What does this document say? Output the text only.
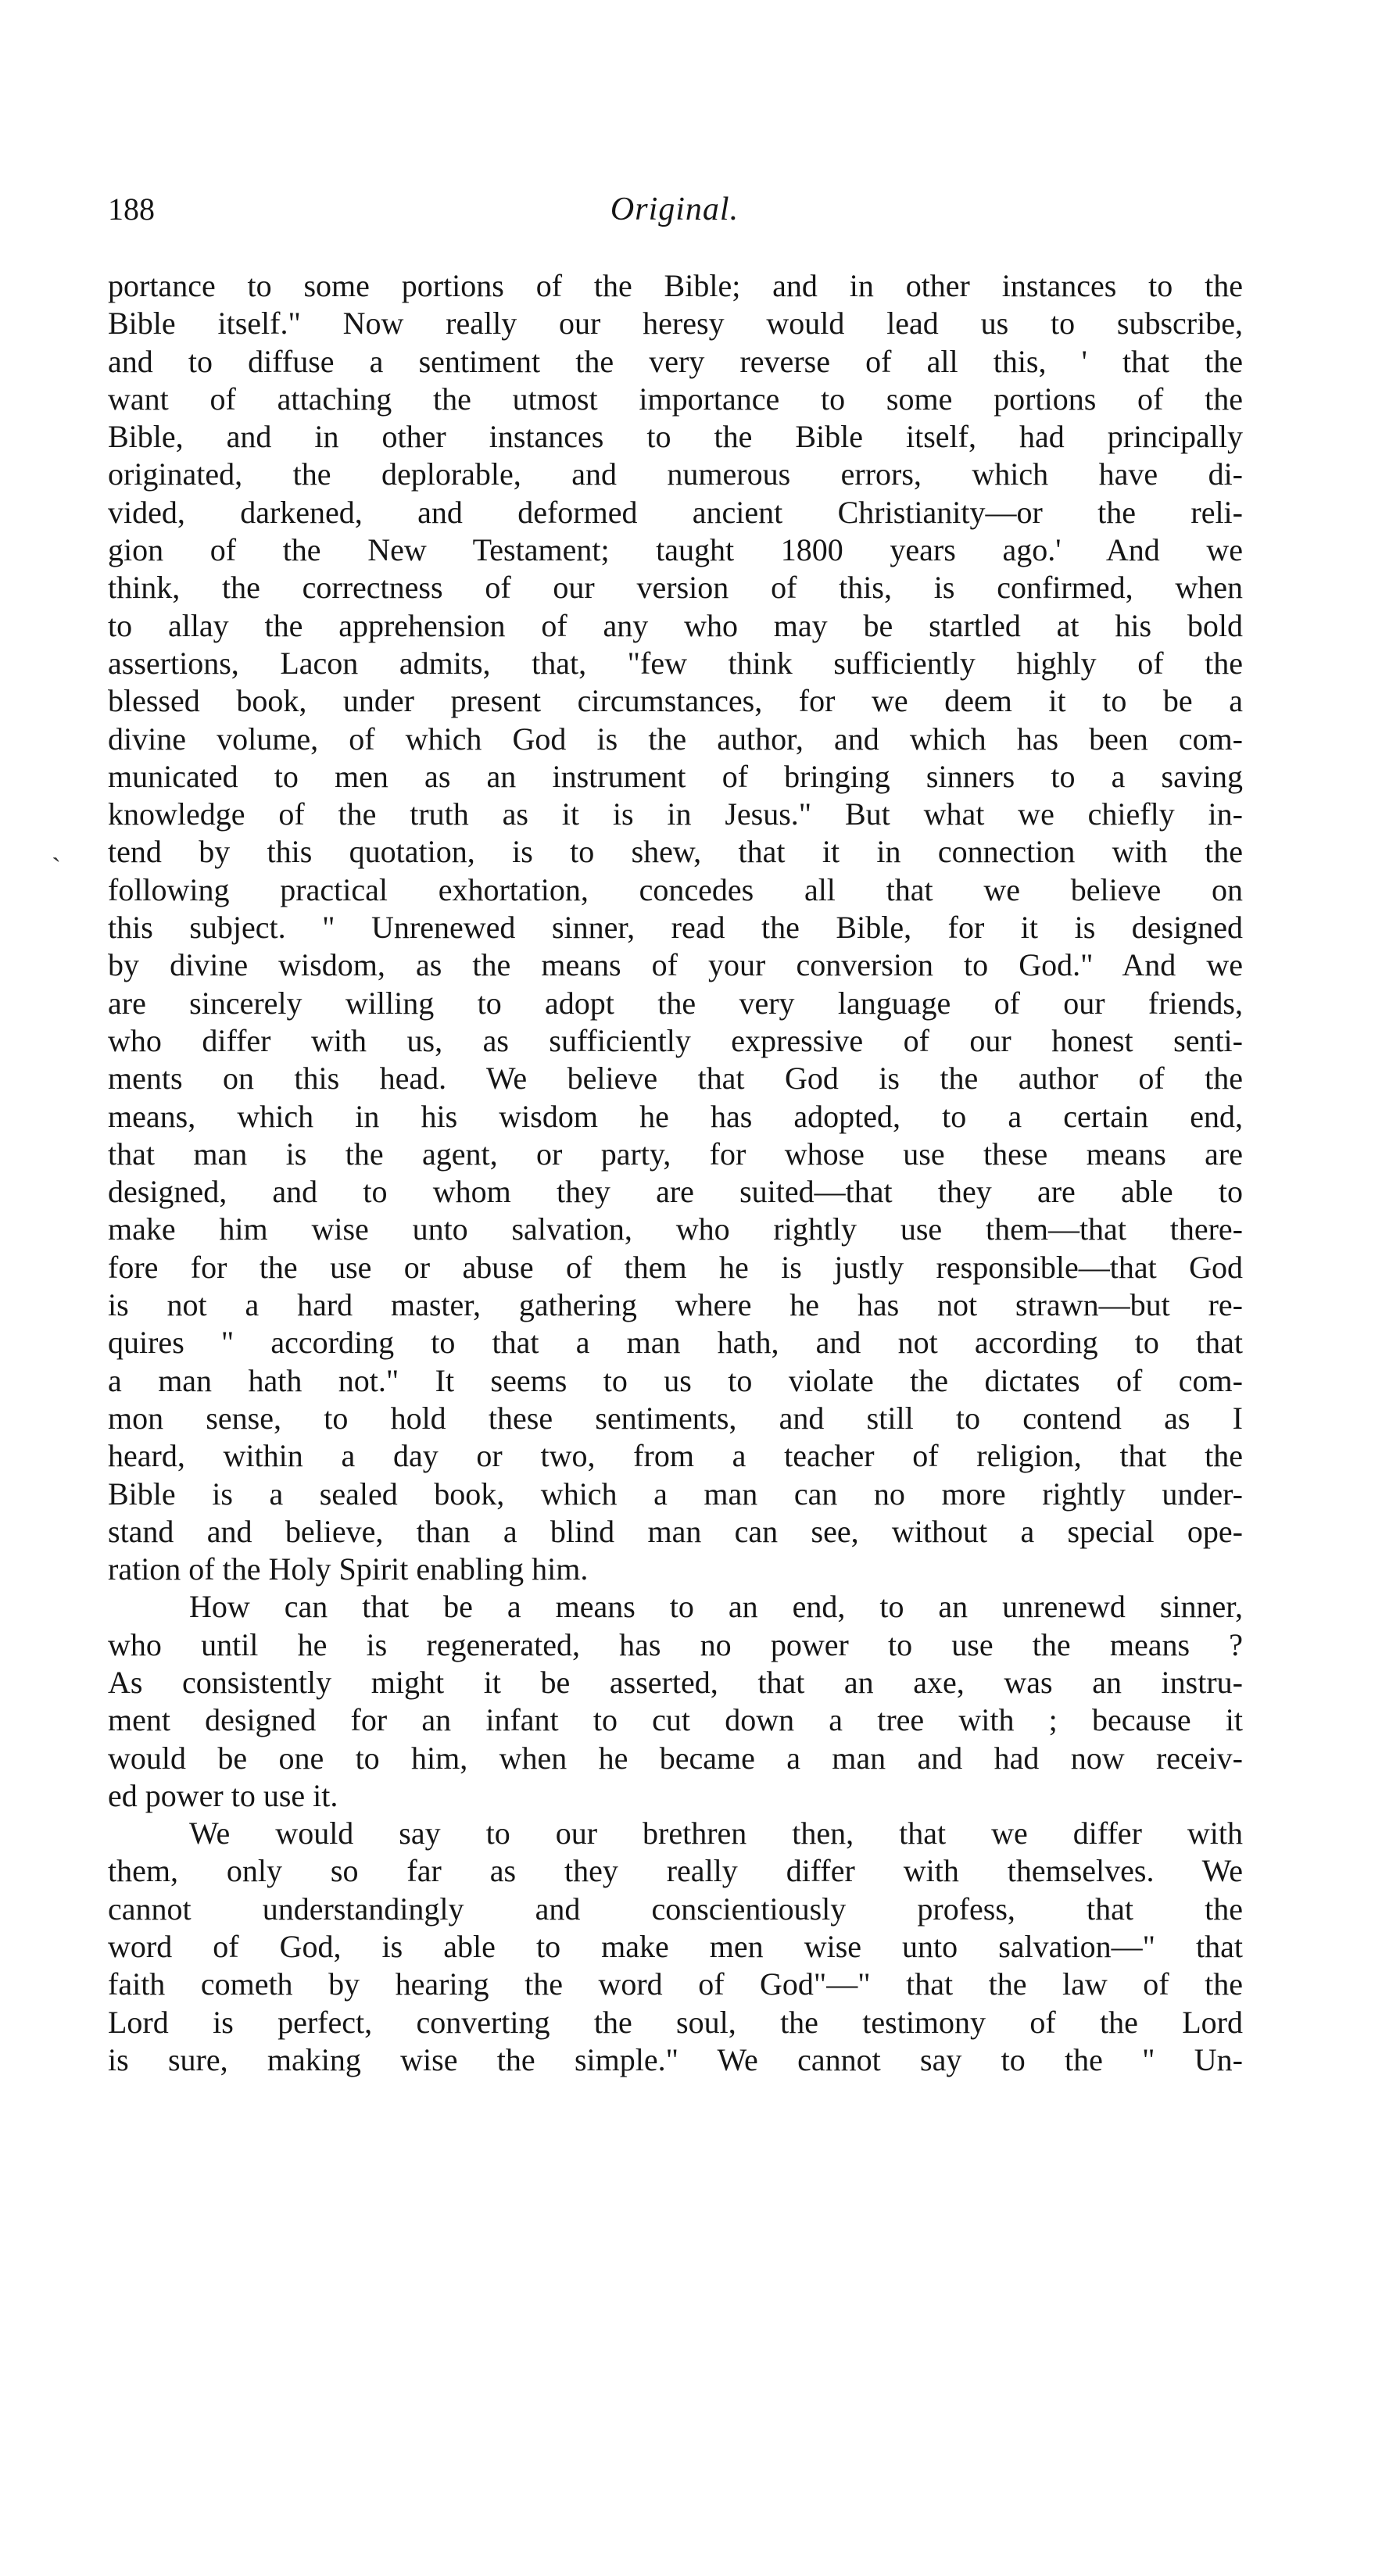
188	Original.
`
portance to some portions of the Bible; and in other instances to the
Bible itself." Now really our heresy would lead us to subscribe,
and to diffuse a sentiment the very reverse of all this, ' that the
want of attaching the utmost importance to some portions of the
Bible, and in other instances to the Bible itself, had principally
originated, the deplorable, and numerous errors, which have di-
vided, darkened, and deformed ancient Christianity—or the reli-
gion of the New Testament; taught 1800 years ago.' And we
think, the correctness of our version of this, is confirmed, when
to allay the apprehension of any who may be startled at his bold
assertions, Lacon admits, that, "few think sufficiently highly of the
blessed book, under present circumstances, for we deem it to be a
divine volume, of which God is the author, and which has been com-
municated to men as an instrument of bringing sinners to a saving
knowledge of the truth as it is in Jesus." But what we chiefly in-
tend by this quotation, is to shew, that it in connection with the
following practical exhortation, concedes all that we believe on
this subject. " Unrenewed sinner, read the Bible, for it is designed
by divine wisdom, as the means of your conversion to God." And we
are sincerely willing to adopt the very language of our friends,
who differ with us, as sufficiently expressive of our honest senti-
ments on this head. We believe that God is the author of the
means, which in his wisdom he has adopted, to a certain end,
that man is the agent, or party, for whose use these means are
designed, and to whom they are suited—that they are able to
make him wise unto salvation, who rightly use them—that there-
fore for the use or abuse of them he is justly responsible—that God
is not a hard master, gathering where he has not strawn—but re-
quires " according to that a man hath, and not according to that
a man hath not." It seems to us to violate the dictates of com-
mon sense, to hold these sentiments, and still to contend as I
heard, within a day or two, from a teacher of religion, that the
Bible is a sealed book, which a man can no more rightly under-
stand and believe, than a blind man can see, without a special ope-
ration of the Holy Spirit enabling him.
How can that be a means to an end, to an unrenewd sinner,
who until he is regenerated, has no power to use the means ?
As consistently might it be asserted, that an axe, was an instru-
ment designed for an infant to cut down a tree with ; because it
would be one to him, when he became a man and had now receiv-
ed power to use it.
We would say to our brethren then, that we differ with
them, only so far as they really differ with themselves. We
cannot understandingly and conscientiously profess, that the
word of God, is able to make men wise unto salvation—" that
faith cometh by hearing the word of God"—" that the law of the
Lord is perfect, converting the soul, the testimony of the Lord
is sure, making wise the simple." We cannot say to the " Un-
